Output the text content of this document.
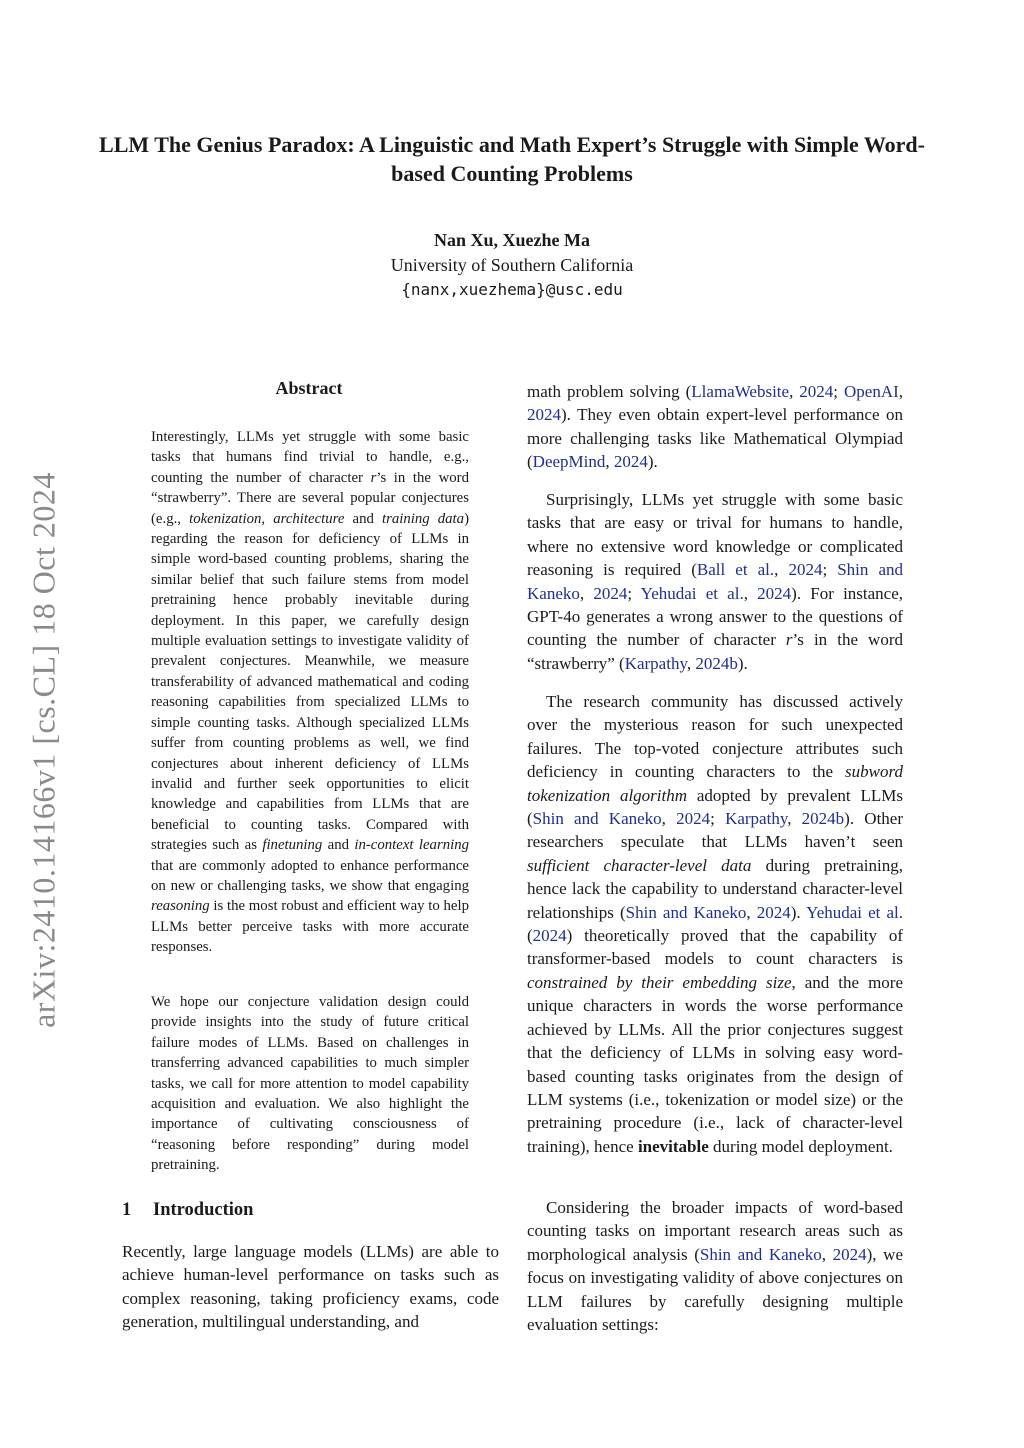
LLM The Genius Paradox: A Linguistic and Math Expert’s Struggle with Simple Word-based Counting Problems
Nan Xu, Xuezhe Ma
University of Southern California
{nanx,xuezhema}@usc.edu
arXiv:2410.14166v1 [cs.CL] 18 Oct 2024
Abstract

Interestingly, LLMs yet struggle with some basic tasks that humans find trivial to handle, e.g., counting the number of character r’s in the word “strawberry”. There are several popular conjectures (e.g., tokenization, architecture and training data) regarding the reason for deficiency of LLMs in simple word-based counting problems, sharing the similar belief that such failure stems from model pretraining hence probably inevitable during deployment. In this paper, we carefully design multiple evaluation settings to investigate validity of prevalent conjectures. Meanwhile, we measure transferability of advanced mathematical and coding reasoning capabilities from specialized LLMs to simple counting tasks. Although specialized LLMs suffer from counting problems as well, we find conjectures about inherent deficiency of LLMs invalid and further seek opportunities to elicit knowledge and capabilities from LLMs that are beneficial to counting tasks. Compared with strategies such as finetuning and in-context learning that are commonly adopted to enhance performance on new or challenging tasks, we show that engaging reasoning is the most robust and efficient way to help LLMs better perceive tasks with more accurate responses.

We hope our conjecture validation design could provide insights into the study of future critical failure modes of LLMs. Based on challenges in transferring advanced capabilities to much simpler tasks, we call for more attention to model capability acquisition and evaluation. We also highlight the importance of cultivating consciousness of “reasoning before responding” during model pretraining.

1 Introduction

Recently, large language models (LLMs) are able to achieve human-level performance on tasks such as complex reasoning, taking proficiency exams, code generation, multilingual understanding, and

math problem solving (LlamaWebsite, 2024; OpenAI, 2024). They even obtain expert-level performance on more challenging tasks like Mathematical Olympiad (DeepMind, 2024).

Surprisingly, LLMs yet struggle with some basic tasks that are easy or trival for humans to handle, where no extensive word knowledge or complicated reasoning is required (Ball et al., 2024; Shin and Kaneko, 2024; Yehudai et al., 2024). For instance, GPT-4o generates a wrong answer to the questions of counting the number of character r’s in the word “strawberry” (Karpathy, 2024b).

The research community has discussed actively over the mysterious reason for such unexpected failures. The top-voted conjecture attributes such deficiency in counting characters to the subword tokenization algorithm adopted by prevalent LLMs (Shin and Kaneko, 2024; Karpathy, 2024b). Other researchers speculate that LLMs haven’t seen sufficient character-level data during pretraining, hence lack the capability to understand character-level relationships (Shin and Kaneko, 2024). Yehudai et al. (2024) theoretically proved that the capability of transformer-based models to count characters is constrained by their embedding size, and the more unique characters in words the worse performance achieved by LLMs. All the prior conjectures suggest that the deficiency of LLMs in solving easy word-based counting tasks originates from the design of LLM systems (i.e., tokenization or model size) or the pretraining procedure (i.e., lack of character-level training), hence inevitable during model deployment.

Considering the broader impacts of word-based counting tasks on important research areas such as morphological analysis (Shin and Kaneko, 2024), we focus on investigating validity of above conjectures on LLM failures by carefully designing multiple evaluation settings:
